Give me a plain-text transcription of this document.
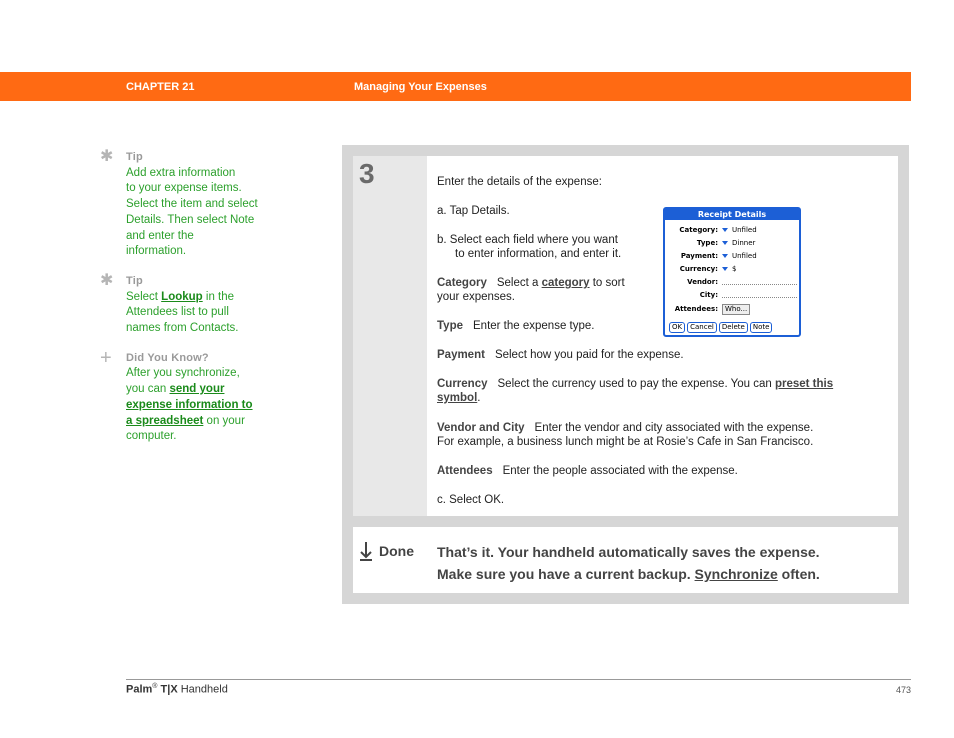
CHAPTER 21	Managing Your Expenses
✱	Tip
Add extra information
to your expense items.
Select the item and select
Details. Then select Note
and enter the
information.
✱	Tip
Select Lookup in the
Attendees list to pull
names from Contacts.
+	Did You Know?
After you synchronize,
you can send your
expense information to
a spreadsheet on your
computer.
3	Enter the details of the expense:
a. Tap Details.
b. Select each field where you want
to enter information, and enter it.
Category Select a category to sort
your expenses.
Type Enter the expense type.
Payment Select how you paid for the expense.
Currency Select the currency used to pay the expense. You can preset this
symbol.
Vendor and City Enter the vendor and city associated with the expense.
For example, a business lunch might be at Rosie’s Cafe in San Francisco.
Attendees Enter the people associated with the expense.
c. Select OK.
Receipt Details
Category:	Unfiled
Type:	Dinner
Payment:	Unfiled
Currency:	$
Vendor:
City:
Attendees:	Who...
OK Cancel Delete Note
Done That’s it. Your handheld automatically saves the expense.
Make sure you have a current backup. Synchronize often.
Palm® T|X Handheld	473
